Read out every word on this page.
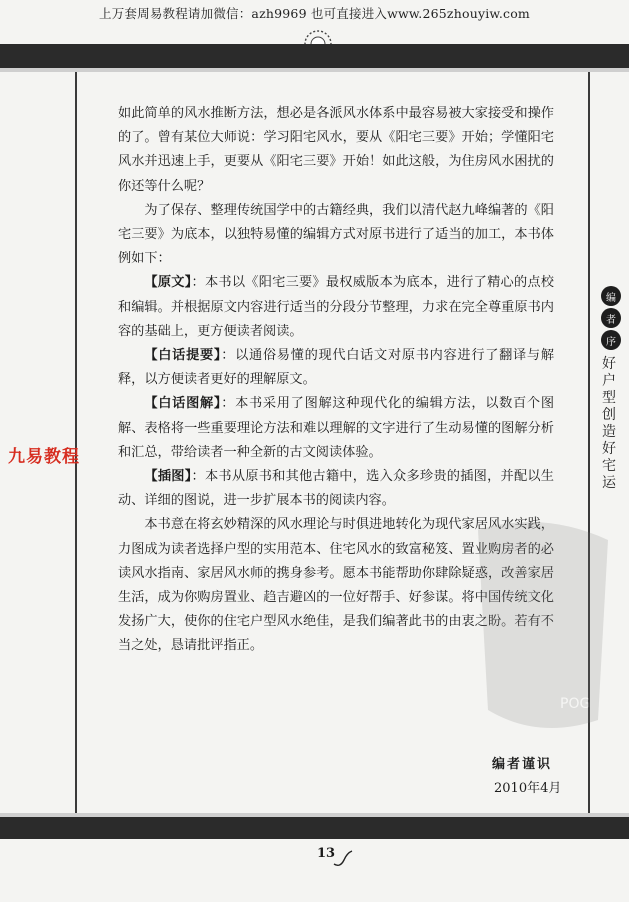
上万套周易教程请加微信：azh9969 也可直接进入www.265zhouyiw.com

如此简单的风水推断方法，想必是各派风水体系中最容易被大家接受和操作的了。曾有某位大师说：学习阳宅风水，要从《阳宅三要》开始；学懂阳宅风水并迅速上手，更要从《阳宅三要》开始！如此这般，为住房风水困扰的你还等什么呢？

为了保存、整理传统国学中的古籍经典，我们以清代赵九峰编著的《阳宅三要》为底本，以独特易懂的编辑方式对原书进行了适当的加工，本书体例如下：

【原文】：本书以《阳宅三要》最权威版本为底本，进行了精心的点校和编辑。并根据原文内容进行适当的分段分节整理，力求在完全尊重原书内容的基础上，更方便读者阅读。

【白话提要】：以通俗易懂的现代白话文对原书内容进行了翻译与解释，以方便读者更好的理解原文。

【白话图解】：本书采用了图解这种现代化的编辑方法，以数百个图解、表格将一些重要理论方法和难以理解的文字进行了生动易懂的图解分析和汇总，带给读者一种全新的古文阅读体验。

【插图】：本书从原书和其他古籍中，选入众多珍贵的插图，并配以生动、详细的图说，进一步扩展本书的阅读内容。

本书意在将玄妙精深的风水理论与时俱进地转化为现代家居风水实践，力图成为读者选择户型的实用范本、住宅风水的致富秘笈、置业购房者的必读风水指南、家居风水师的携身参考。愿本书能帮助你肆除疑惑，改善家居生活，成为你购房置业、趋吉避凶的一位好帮手、好参谋。将中国传统文化发扬广大，使你的住宅户型风水绝佳，是我们编著此书的由衷之盼。若有不当之处，恳请批评指正。

编者谨识
2010年4月
九易教程
编
者
序
好户型创造好宅运
POG
13
